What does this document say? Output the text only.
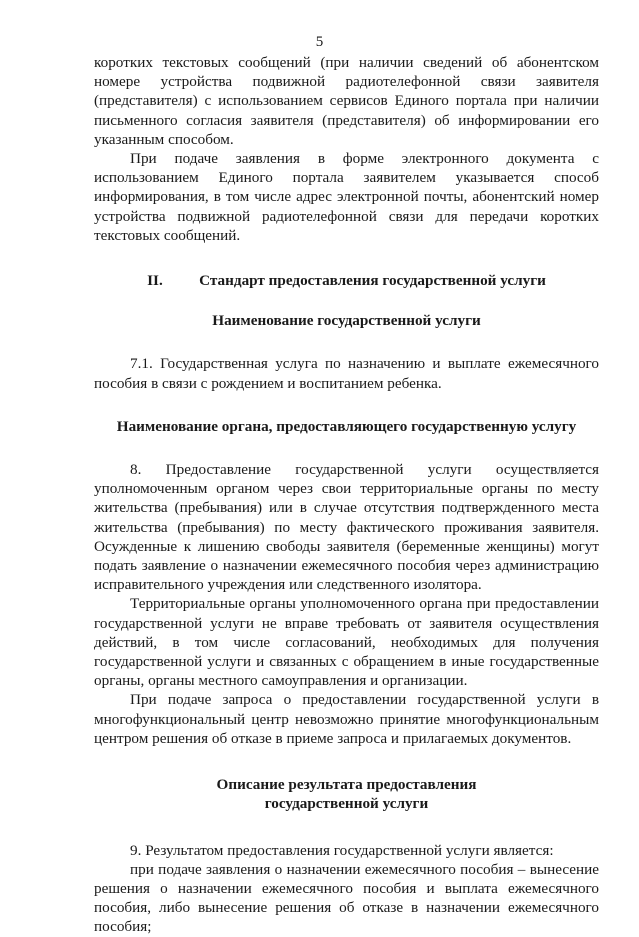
5

коротких текстовых сообщений (при наличии сведений об абонентском номере устройства подвижной радиотелефонной связи заявителя (представителя) с использованием сервисов Единого портала при наличии письменного согласия заявителя (представителя) об информировании его указанным способом.

При подаче заявления в форме электронного документа с использованием Единого портала заявителем указывается способ информирования, в том числе адрес электронной почты, абонентский номер устройства подвижной радиотелефонной связи для передачи коротких текстовых сообщений.

II. Стандарт предоставления государственной услуги
Наименование государственной услуги

7.1. Государственная услуга по назначению и выплате ежемесячного пособия в связи с рождением и воспитанием ребенка.

Наименование органа, предоставляющего государственную услугу

8. Предоставление государственной услуги осуществляется уполномоченным органом через свои территориальные органы по месту жительства (пребывания) или в случае отсутствия подтвержденного места жительства (пребывания) по месту фактического проживания заявителя. Осужденные к лишению свободы заявителя (беременные женщины) могут подать заявление о назначении ежемесячного пособия через администрацию исправительного учреждения или следственного изолятора.

Территориальные органы уполномоченного органа при предоставлении государственной услуги не вправе требовать от заявителя осуществления действий, в том числе согласований, необходимых для получения государственной услуги и связанных с обращением в иные государственные органы, органы местного самоуправления и организации.

При подаче запроса о предоставлении государственной услуги в многофункциональный центр невозможно принятие многофункциональным центром решения об отказе в приеме запроса и прилагаемых документов.

Описание результата предоставления
государственной услуги

9. Результатом предоставления государственной услуги является:

при подаче заявления о назначении ежемесячного пособия – вынесение решения о назначении ежемесячного пособия и выплата ежемесячного пособия, либо вынесение решения об отказе в назначении ежемесячного пособия;
